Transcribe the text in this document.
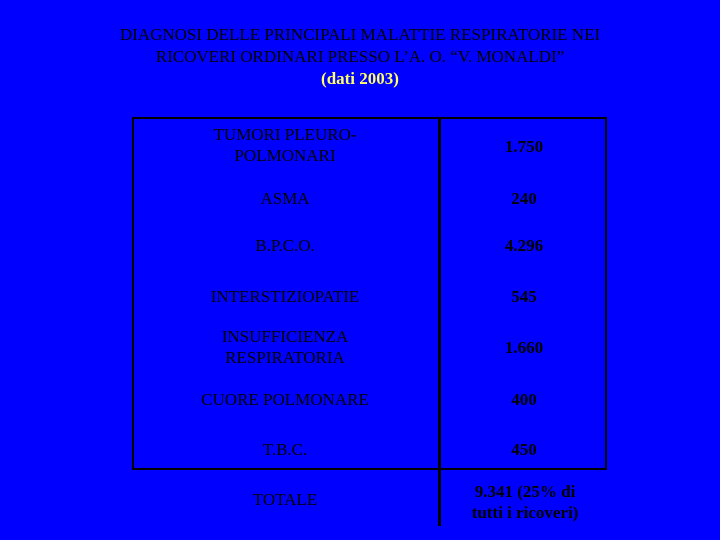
DIAGNOSI DELLE PRINCIPALI MALATTIE RESPIRATORIE NEI
RICOVERI ORDINARI PRESSO L’A. O. “V. MONALDI”
(dati 2003)
TUMORI PLEURO-
POLMONARI	1.750
ASMA	240
B.P.C.O.	4.296
INTERSTIZIOPATIE	545
INSUFFICIENZA
RESPIRATORIA
1.660
CUORE POLMONARE	400
T.B.C.	450
TOTALE	9.341 (25% di
tutti i ricoveri)
